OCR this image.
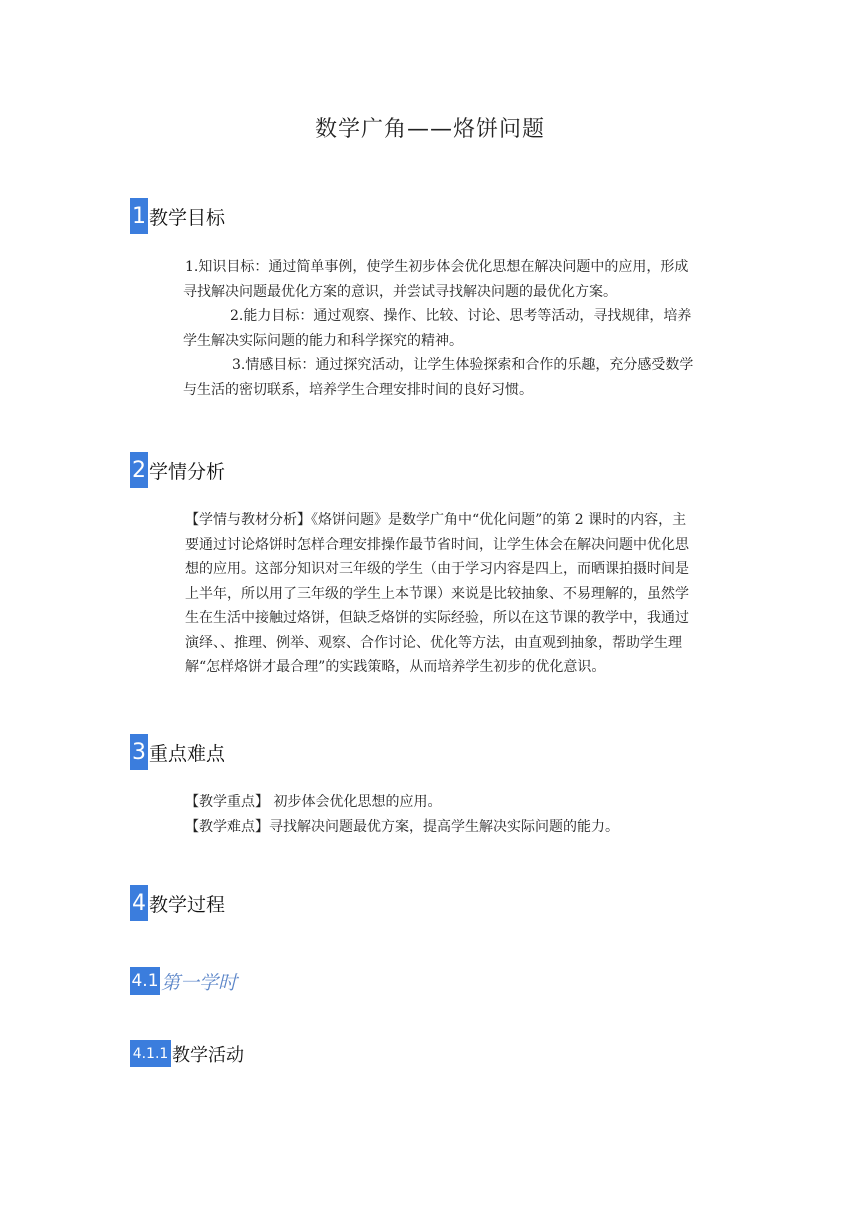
数学广角——烙饼问题
1 教学目标

1.知识目标：通过简单事例，使学生初步体会优化思想在解决问题中的应用，形成

寻找解决问题最优化方案的意识，并尝试寻找解决问题的最优化方案。

2.能力目标：通过观察、操作、比较、讨论、思考等活动，寻找规律，培养

学生解决实际问题的能力和科学探究的精神。

3.情感目标：通过探究活动，让学生体验探索和合作的乐趣，充分感受数学

与生活的密切联系，培养学生合理安排时间的良好习惯。

2 学情分析

【学情与教材分析】《烙饼问题》是数学广角中“优化问题”的第 2 课时的内容，主

要通过讨论烙饼时怎样合理安排操作最节省时间，让学生体会在解决问题中优化思

想的应用。这部分知识对三年级的学生（由于学习内容是四上，而晒课拍摄时间是

上半年，所以用了三年级的学生上本节课）来说是比较抽象、不易理解的，虽然学

生在生活中接触过烙饼，但缺乏烙饼的实际经验，所以在这节课的教学中，我通过

演绎、、推理、例举、观察、合作讨论、优化等方法，由直观到抽象，帮助学生理

解“怎样烙饼才最合理”的实践策略，从而培养学生初步的优化意识。

3 重点难点

【教学重点】 初步体会优化思想的应用。

【教学难点】寻找解决问题最优方案，提高学生解决实际问题的能力。

4 教学过程
4.1 第一学时
4.1.1 教学活动
